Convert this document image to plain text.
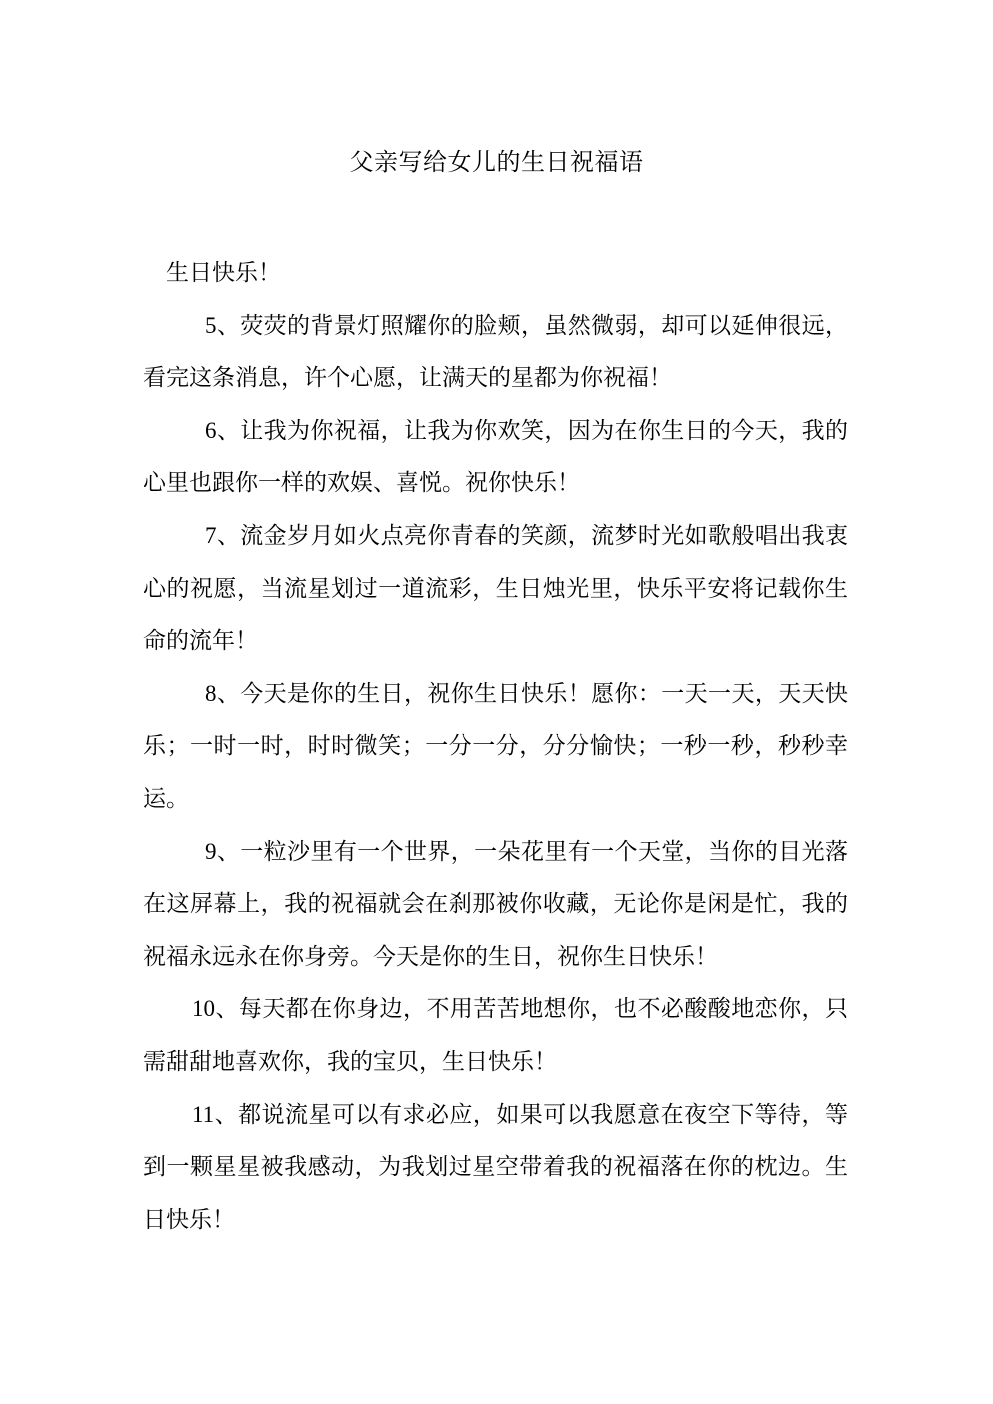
父亲写给女儿的生日祝福语

生日快乐！

5、荧荧的背景灯照耀你的脸颊，虽然微弱，却可以延伸很远，看完这条消息，许个心愿，让满天的星都为你祝福！

6、让我为你祝福，让我为你欢笑，因为在你生日的今天，我的心里也跟你一样的欢娱、喜悦。祝你快乐！

7、流金岁月如火点亮你青春的笑颜，流梦时光如歌般唱出我衷心的祝愿，当流星划过一道流彩，生日烛光里，快乐平安将记载你生命的流年！

8、今天是你的生日，祝你生日快乐！愿你：一天一天，天天快乐；一时一时，时时微笑；一分一分，分分愉快；一秒一秒，秒秒幸运。

9、一粒沙里有一个世界，一朵花里有一个天堂，当你的目光落在这屏幕上，我的祝福就会在刹那被你收藏，无论你是闲是忙，我的祝福永远永在你身旁。今天是你的生日，祝你生日快乐！

10、每天都在你身边，不用苦苦地想你，也不必酸酸地恋你，只需甜甜地喜欢你，我的宝贝，生日快乐！

11、都说流星可以有求必应，如果可以我愿意在夜空下等待，等到一颗星星被我感动，为我划过星空带着我的祝福落在你的枕边。生日快乐！
